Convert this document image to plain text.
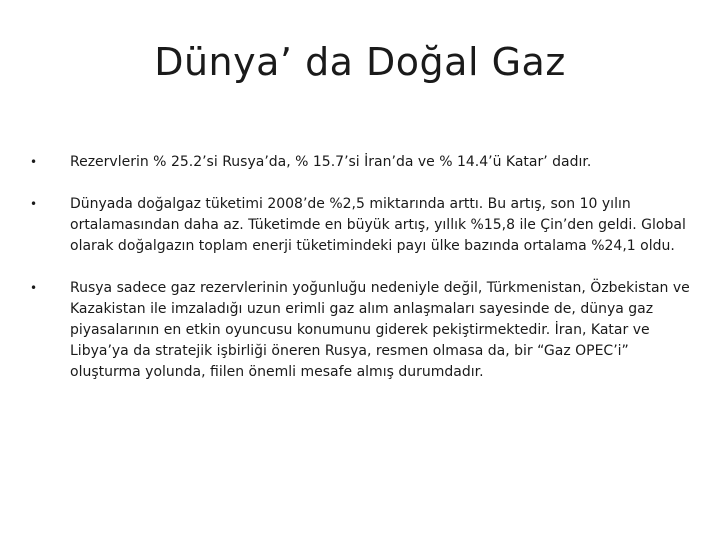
Dünya’ da Doğal Gaz
• Rezervlerin % 25.2’si Rusya’da, % 15.7’si İran’da ve % 14.4’ü Katar’ dadır.
• Dünyada doğalgaz tüketimi 2008’de %2,5 miktarında arttı. Bu artış, son 10 yılın ortalamasından daha az. Tüketimde en büyük artış, yıllık %15,8 ile Çin’den geldi. Global olarak doğalgazın toplam enerji tüketimindeki payı ülke bazında ortalama %24,1 oldu.
• Rusya sadece gaz rezervlerinin yoğunluğu nedeniyle değil, Türkmenistan, Özbekistan ve Kazakistan ile imzaladığı uzun erimli gaz alım anlaşmaları sayesinde de, dünya gaz piyasalarının en etkin oyuncusu konumunu giderek pekiştirmektedir. İran, Katar ve Libya’ya da stratejik işbirliği öneren Rusya, resmen olmasa da, bir “Gaz OPEC’i” oluşturma yolunda, fiilen önemli mesafe almış durumdadır.
